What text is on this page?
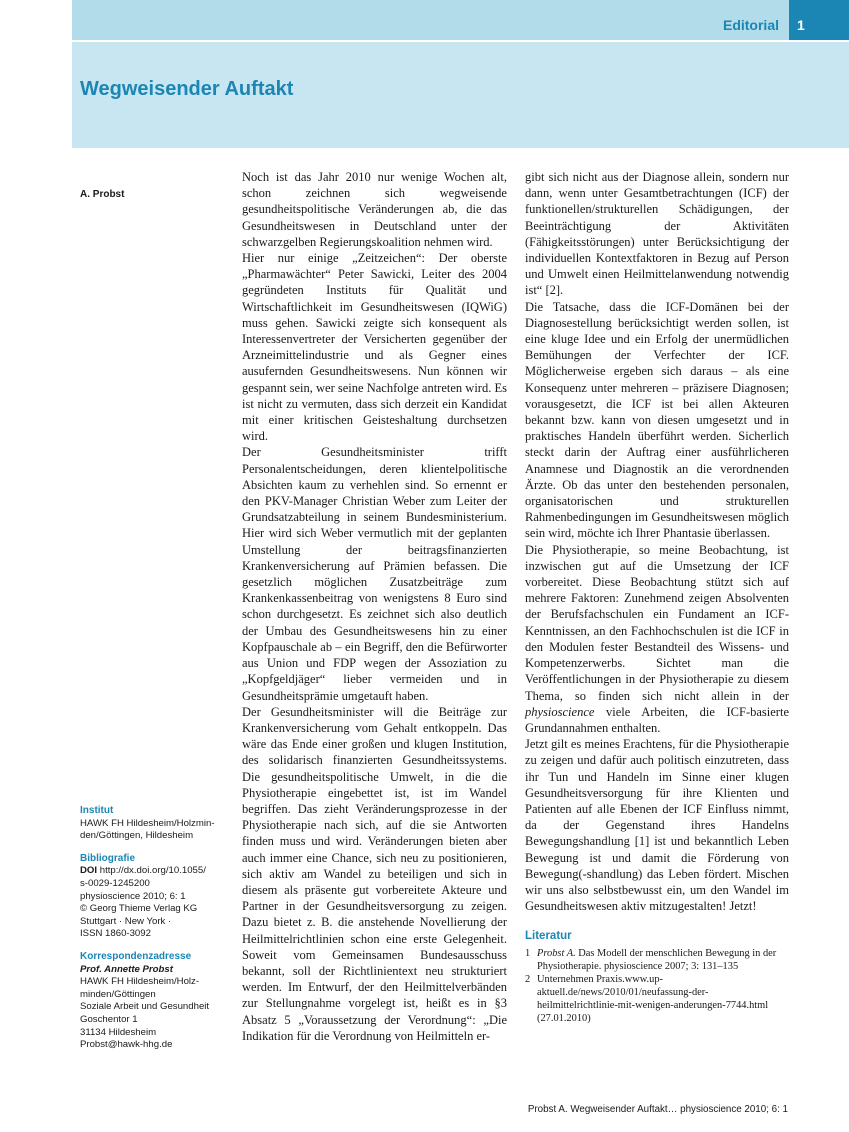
Editorial 1
Wegweisender Auftakt
A. Probst
Institut
HAWK FH Hildesheim/Holzmin-
den/Göttingen, Hildesheim
Bibliografie
DOI http://dx.doi.org/10.1055/
s-0029-1245200
physioscience 2010; 6: 1
© Georg Thieme Verlag KG
Stuttgart · New York ·
ISSN 1860-3092
Korrespondenzadresse
Prof. Annette Probst
HAWK FH Hildesheim/Holz-
minden/Göttingen
Soziale Arbeit und Gesundheit
Goschentor 1
31134 Hildesheim
Probst@hawk-hhg.de

Noch ist das Jahr 2010 nur wenige Wochen alt, schon zeichnen sich wegweisende gesundheitspolitische Veränderungen ab, die das Gesundheitswesen in Deutschland unter der schwarzgelben Regierungskoalition nehmen wird.

Hier nur einige „Zeitzeichen“: Der oberste „Pharmawächter“ Peter Sawicki, Leiter des 2004 gegründeten Instituts für Qualität und Wirtschaftlichkeit im Gesundheitswesen (IQWiG) muss gehen. Sawicki zeigte sich konsequent als Interessenvertreter der Versicherten gegenüber der Arzneimittelindustrie und als Gegner eines ausufernden Gesundheitswesens. Nun können wir gespannt sein, wer seine Nachfolge antreten wird. Es ist nicht zu vermuten, dass sich derzeit ein Kandidat mit einer kritischen Geisteshaltung durchsetzen wird.

Der Gesundheitsminister trifft Personalentscheidungen, deren klientelpolitische Absichten kaum zu verhehlen sind. So ernennt er den PKV-Manager Christian Weber zum Leiter der Grundsatzabteilung in seinem Bundesministerium. Hier wird sich Weber vermutlich mit der geplanten Umstellung der beitragsfinanzierten Krankenversicherung auf Prämien befassen. Die gesetzlich möglichen Zusatzbeiträge zum Krankenkassenbeitrag von wenigstens 8 Euro sind schon durchgesetzt. Es zeichnet sich also deutlich der Umbau des Gesundheitswesens hin zu einer Kopfpauschale ab – ein Begriff, den die Befürworter aus Union und FDP wegen der Assoziation zu „Kopfgeldjäger“ lieber vermeiden und in Gesundheitsprämie umgetauft haben.

Der Gesundheitsminister will die Beiträge zur Krankenversicherung vom Gehalt entkoppeln. Das wäre das Ende einer großen und klugen Institution, des solidarisch finanzierten Gesundheitssystems. Die gesundheitspolitische Umwelt, in die die Physiotherapie eingebettet ist, ist im Wandel begriffen. Das zieht Veränderungsprozesse in der Physiotherapie nach sich, auf die sie Antworten finden muss und wird. Veränderungen bieten aber auch immer eine Chance, sich neu zu positionieren, sich aktiv am Wandel zu beteiligen und sich in diesem als präsente gut vorbereitete Akteure und Partner in der Gesundheitsversorgung zu zeigen. Dazu bietet z. B. die anstehende Novellierung der Heilmittelrichtlinien schon eine erste Gelegenheit. Soweit vom Gemeinsamen Bundesausschuss bekannt, soll der Richtlinientext neu strukturiert werden. Im Entwurf, der den Heilmittelverbänden zur Stellungnahme vorgelegt ist, heißt es in §3 Absatz 5 „Voraussetzung der Verordnung“: „Die Indikation für die Verordnung von Heilmitteln er-

gibt sich nicht aus der Diagnose allein, sondern nur dann, wenn unter Gesamtbetrachtungen (ICF) der funktionellen/strukturellen Schädigungen, der Beeinträchtigung der Aktivitäten (Fähigkeitsstörungen) unter Berücksichtigung der individuellen Kontextfaktoren in Bezug auf Person und Umwelt einen Heilmittelanwendung notwendig ist“ [2].

Die Tatsache, dass die ICF-Domänen bei der Diagnosestellung berücksichtigt werden sollen, ist eine kluge Idee und ein Erfolg der unermüdlichen Bemühungen der Verfechter der ICF. Möglicherweise ergeben sich daraus – als eine Konsequenz unter mehreren – präzisere Diagnosen; vorausgesetzt, die ICF ist bei allen Akteuren bekannt bzw. kann von diesen umgesetzt und in praktisches Handeln überführt werden. Sicherlich steckt darin der Auftrag einer ausführlicheren Anamnese und Diagnostik an die verordnenden Ärzte. Ob das unter den bestehenden personalen, organisatorischen und strukturellen Rahmenbedingungen im Gesundheitswesen möglich sein wird, möchte ich Ihrer Phantasie überlassen.

Die Physiotherapie, so meine Beobachtung, ist inzwischen gut auf die Umsetzung der ICF vorbereitet. Diese Beobachtung stützt sich auf mehrere Faktoren: Zunehmend zeigen Absolventen der Berufsfachschulen ein Fundament an ICF-Kenntnissen, an den Fachhochschulen ist die ICF in den Modulen fester Bestandteil des Wissens- und Kompetenzerwerbs. Sichtet man die Veröffentlichungen in der Physiotherapie zu diesem Thema, so finden sich nicht allein in der physioscience viele Arbeiten, die ICF-basierte Grundannahmen enthalten.

Jetzt gilt es meines Erachtens, für die Physiotherapie zu zeigen und dafür auch politisch einzutreten, dass ihr Tun und Handeln im Sinne einer klugen Gesundheitsversorgung für ihre Klienten und Patienten auf alle Ebenen der ICF Einfluss nimmt, da der Gegenstand ihres Handelns Bewegungshandlung [1] ist und bekanntlich Leben Bewegung ist und damit die Förderung von Bewegung(-shandlung) das Leben fördert. Mischen wir uns also selbstbewusst ein, um den Wandel im Gesundheitswesen aktiv mitzugestalten! Jetzt!

Literatur
1 Probst A. Das Modell der menschlichen Bewegung in der Physiotherapie. physioscience 2007; 3: 131–135
2 Unternehmen Praxis.www.up-aktuell.de/news/2010/01/neufassung-der-heilmittelrichtlinie-mit-wenigen-anderungen-7744.html (27.01.2010)
Probst A. Wegweisender Auftakt… physioscience 2010; 6: 1
